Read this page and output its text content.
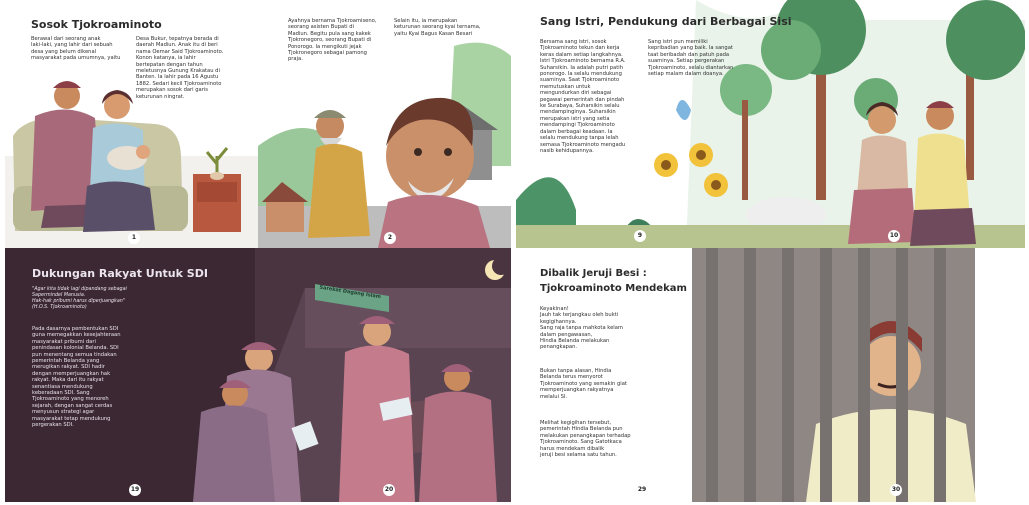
Sosok Tjokroaminoto
Berawal dari seorang anak
laki-laki, yang lahir dari sebuah
desa yang belum dikenal
masyarakat pada umumnya, yaitu
Desa Bukur, tepatnya berada di
daerah Madiun. Anak itu di beri
nama Oemar Said Tjokroaminoto.
Konon katanya, ia lahir
bertepatan dengan tahun
meletusnya Gunung Krakatau di
Banten. Ia lahir pada 16 Agustu
1882. Sedari kecil Tjokroaminoto
merupakan sosok dari garis
keturunan ningrat.
1
Ayahnya bernama Tjokroamiseno,
seorang asisten Bupati di
Madiun. Begitu pula sang kakek
Tjokronegoro, seorang Bupati di
Ponorogo. Ia mengikuti jejak
Tjokronegoro sebagai pamong
praja.
Selain itu, ia merupakan
keturunan seorang kyai ternama,
yaitu Kyai Bagus Kasan Besari
2
Sang Istri, Pendukung dari Berbagai Sisi
Bersama sang istri, sosok
Tjokroaminoto tekun dan kerja
keras dalam setiap langkahnya.
Istri Tjokroaminoto bernama R.A.
Suharsikin. Ia adalah putri patih
ponorogo. Ia selalu mendukung
suaminya. Saat Tjokroaminoto
memutuskan untuk
mengundurkan diri sebagai
pegawai pemerintah dan pindah
ke Surabaya, Suharsikin selalu
mendampinginya. Suharsikin
merupakan istri yang setia
mendampingi Tjokroaminoto
dalam berbagai keadaan. Ia
selalu mendukung tanpa lelah
semasa Tjokroaminoto mengadu
nasib kehidupannya.
Sang istri pun memiliki
kepribadian yang baik. Ia sangat
taat beribadah dan patuh pada
suaminya. Setiap pergerakan
Tjokroaminoto, selalu diantarkan
setiap malam dalam doanya.
9	10
Dukungan Rakyat Untuk SDI
"Agar kita tidak lagi dipandang sebagai
Sapermindel Manusia.
Hak-hak pribumi harus diperjuangkan"
(H.O.S. Tjokroaminoto)
Pada dasarnya pembentukan SDI
guna memegakkan kesejahteraan
masyarakat pribumi dari
penindasan kolonial Belanda. SDI
pun menentang semua tindakan
pemerintah Belanda yang
merugikan rakyat. SDI hadir
dengan memperjuangkan hak
rakyat. Maka dari itu rakyat
senantiasa mendukung
keberadaan SDI. Sang
Tjokroaminoto yang menoreh
sejarah, dengan sangat cerdas
menyusun strategi agar
masyarakat tetap mendukung
pergerakan SDI.
Sarekat Dagang Islam
19	20
Dibalik Jeruji Besi :
Tjokroaminoto Mendekam
Keyakinan!
Jauh tak terjangkau oleh bukti
kegigihannya.
Sang raja tanpa mahkota kelam
dalam pengawasan,
Hindia Belanda melakukan
penangkapan.
Bukan tanpa alasan, Hindia
Belanda terus menyorot
Tjokroaminoto yang semakin giat
memperjuangkan rakyatnya
melalui SI.
Melihat kegigihan tersebut,
pemerintah Hindia Belanda pun
melakukan penangkapan terhadap
Tjokroaminoto. Sang Gatotkaca
harus mendekam dibalik
jeruji besi selama satu tahun.
29	30
